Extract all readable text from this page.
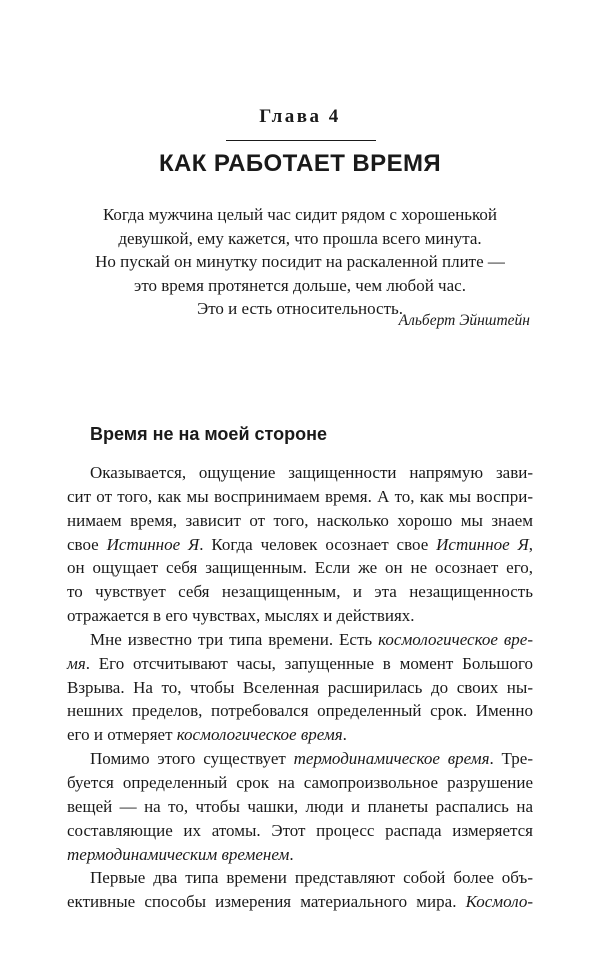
Глава 4
КАК РАБОТАЕТ ВРЕМЯ
Когда мужчина целый час сидит рядом с хорошенькой
девушкой, ему кажется, что прошла всего минута.
Но пускай он минутку посидит на раскаленной плите —
это время протянется дольше, чем любой час.
Это и есть относительность.
Альберт Эйнштейн
Время не на моей стороне
Оказывается, ощущение защищенности напрямую зави-
сит от того, как мы воспринимаем время. А то, как мы воспри-
нимаем время, зависит от того, насколько хорошо мы знаем
свое Истинное Я. Когда человек осознает свое Истинное Я,
он ощущает себя защищенным. Если же он не осознает его,
то чувствует себя незащищенным, и эта незащищенность
отражается в его чувствах, мыслях и действиях.
Мне известно три типа времени. Есть космологическое вре-
мя. Его отсчитывают часы, запущенные в момент Большого
Взрыва. На то, чтобы Вселенная расширилась до своих ны-
нешних пределов, потребовался определенный срок. Именно
его и отмеряет космологическое время.
Помимо этого существует термодинамическое время. Тре-
буется определенный срок на самопроизвольное разрушение
вещей — на то, чтобы чашки, люди и планеты распались на
составляющие их атомы. Этот процесс распада измеряется
термодинамическим временем.
Первые два типа времени представляют собой более объ-
ективные способы измерения материального мира. Космоло-
